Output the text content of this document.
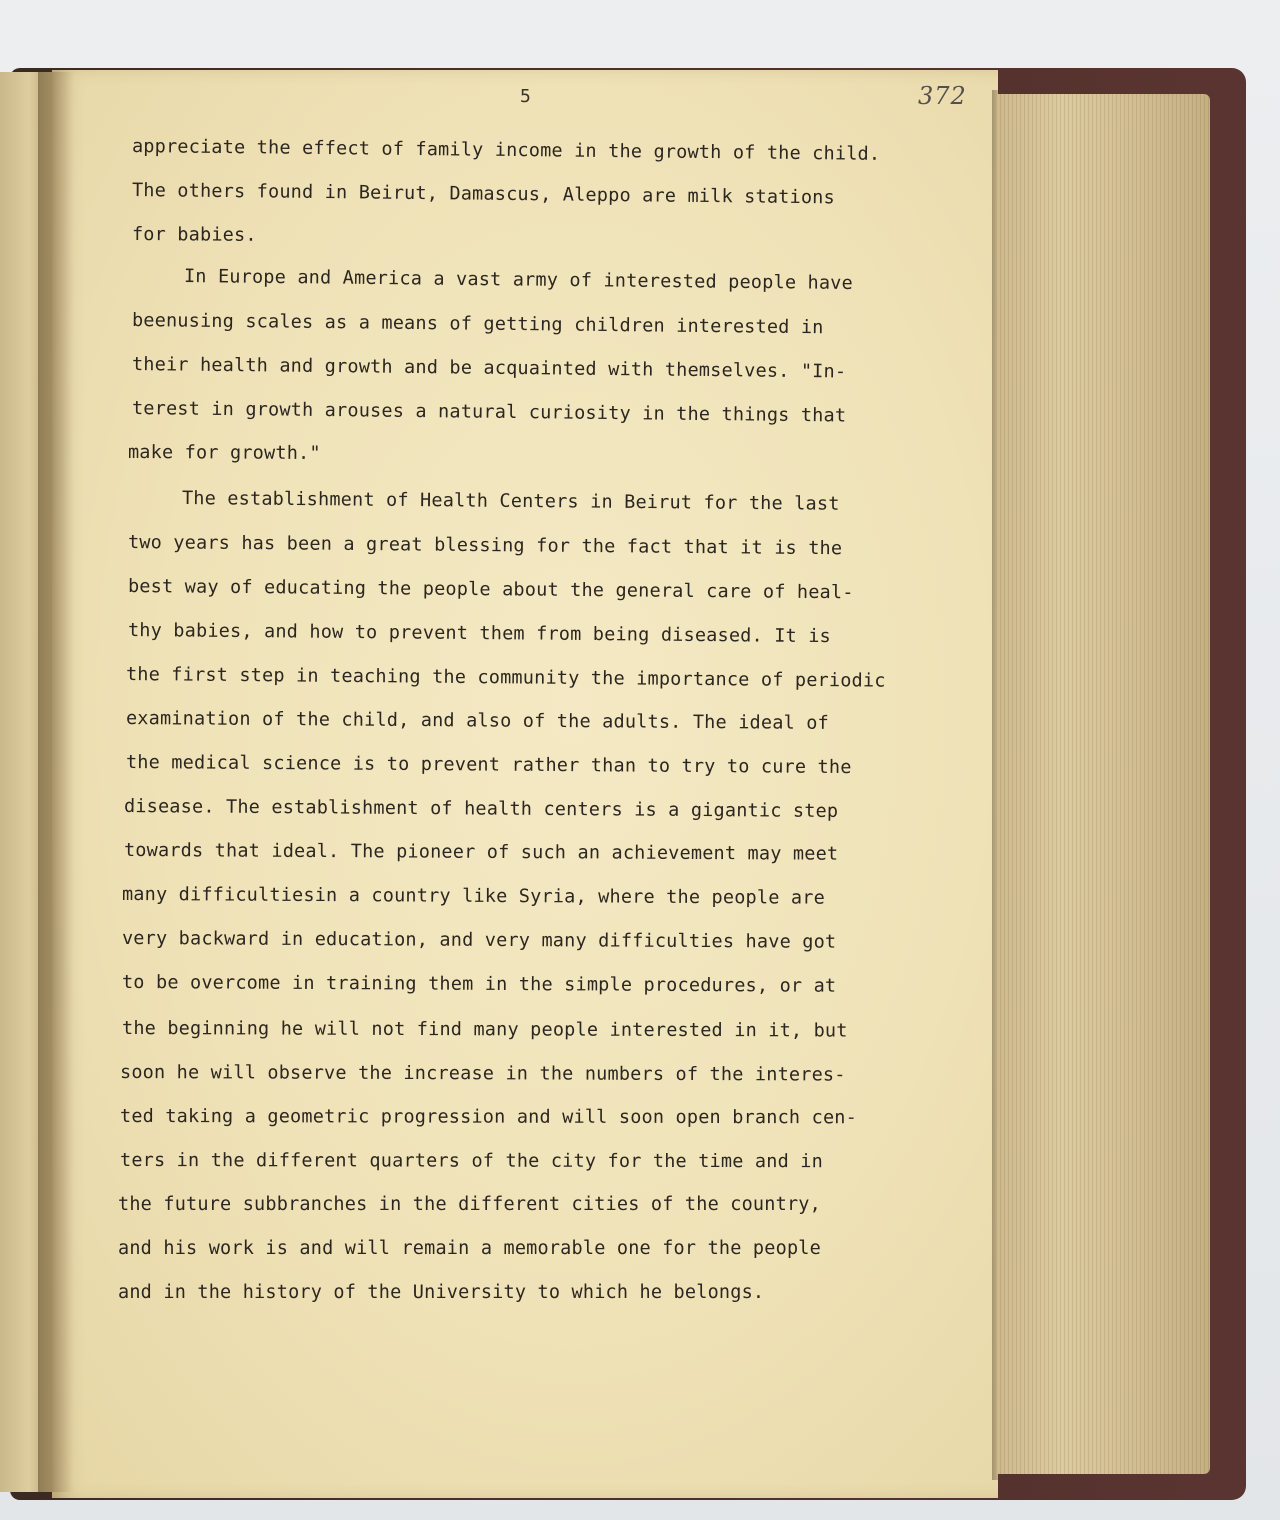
5	372
appreciate the effect of family income in the growth of the child.
The others found in Beirut, Damascus, Aleppo are milk stations
for babies.
In Europe and America a vast army of interested people have
beenusing scales as a means of getting children interested in
their health and growth and be acquainted with themselves. "In-
terest in growth arouses a natural curiosity in the things that
make for growth."
The establishment of Health Centers in Beirut for the last
two years has been a great blessing for the fact that it is the
best way of educating the people about the general care of heal-
thy babies, and how to prevent them from being diseased. It is
the first step in teaching the community the importance of periodic
examination of the child, and also of the adults. The ideal of
the medical science is to prevent rather than to try to cure the
disease. The establishment of health centers is a gigantic step
towards that ideal. The pioneer of such an achievement may meet
many difficultiesin a country like Syria, where the people are
very backward in education, and very many difficulties have got
to be overcome in training them in the simple procedures, or at
the beginning he will not find many people interested in it, but
soon he will observe the increase in the numbers of the interes-
ted taking a geometric progression and will soon open branch cen-
ters in the different quarters of the city for the time and in
the future subbranches in the different cities of the country,
and his work is and will remain a memorable one for the people
and in the history of the University to which he belongs.
